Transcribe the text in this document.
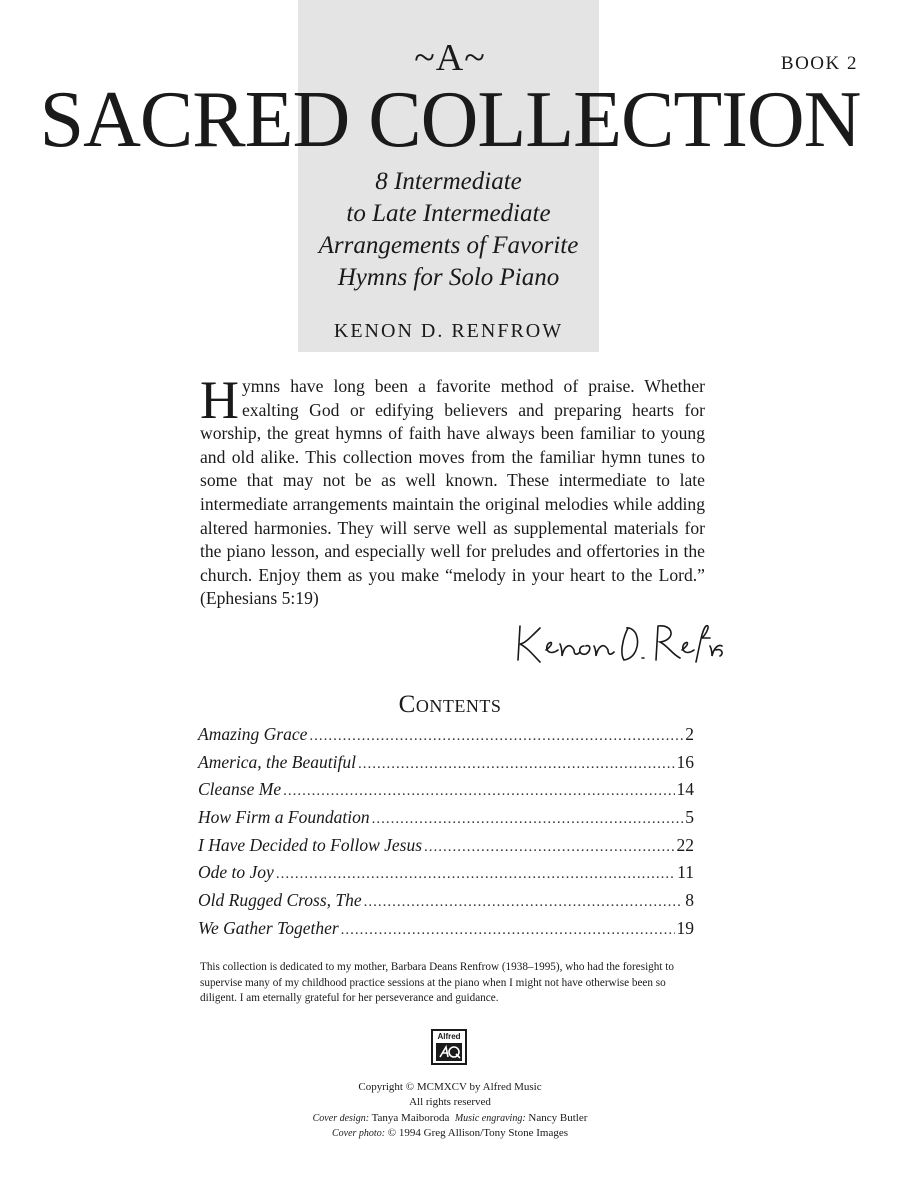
BOOK 2
~A~
SACRED COLLECTION
8 Intermediate
to Late Intermediate
Arrangements of Favorite
Hymns for Solo Piano
KENON D. RENFROW
Hymns have long been a favorite method of praise. Whether exalting God or edifying believers and preparing hearts for worship, the great hymns of faith have always been familiar to young and old alike. This collection moves from the familiar hymn tunes to some that may not be as well known. These intermediate to late intermediate arrangements maintain the original melodies while adding altered harmonies. They will serve well as supplemental materials for the piano lesson, and especially well for preludes and offertories in the church. Enjoy them as you make “melody in your heart to the Lord.” (Ephesians 5:19)
Contents
Amazing Grace .....	2
America, the Beautiful .....	16
Cleanse Me .....	14
How Firm a Foundation .....	5
I Have Decided to Follow Jesus .....	22
Ode to Joy .....	11
Old Rugged Cross, The .....	8
We Gather Together .....	19
This collection is dedicated to my mother, Barbara Deans Renfrow (1938–1995), who had the foresight to supervise many of my childhood practice sessions at the piano when I might not have otherwise been so diligent. I am eternally grateful for her perseverance and guidance.
Alfred
Copyright © MCMXCV by Alfred Music
All rights reserved
Cover design: Tanya Maiboroda Music engraving: Nancy Butler
Cover photo: © 1994 Greg Allison/Tony Stone Images
